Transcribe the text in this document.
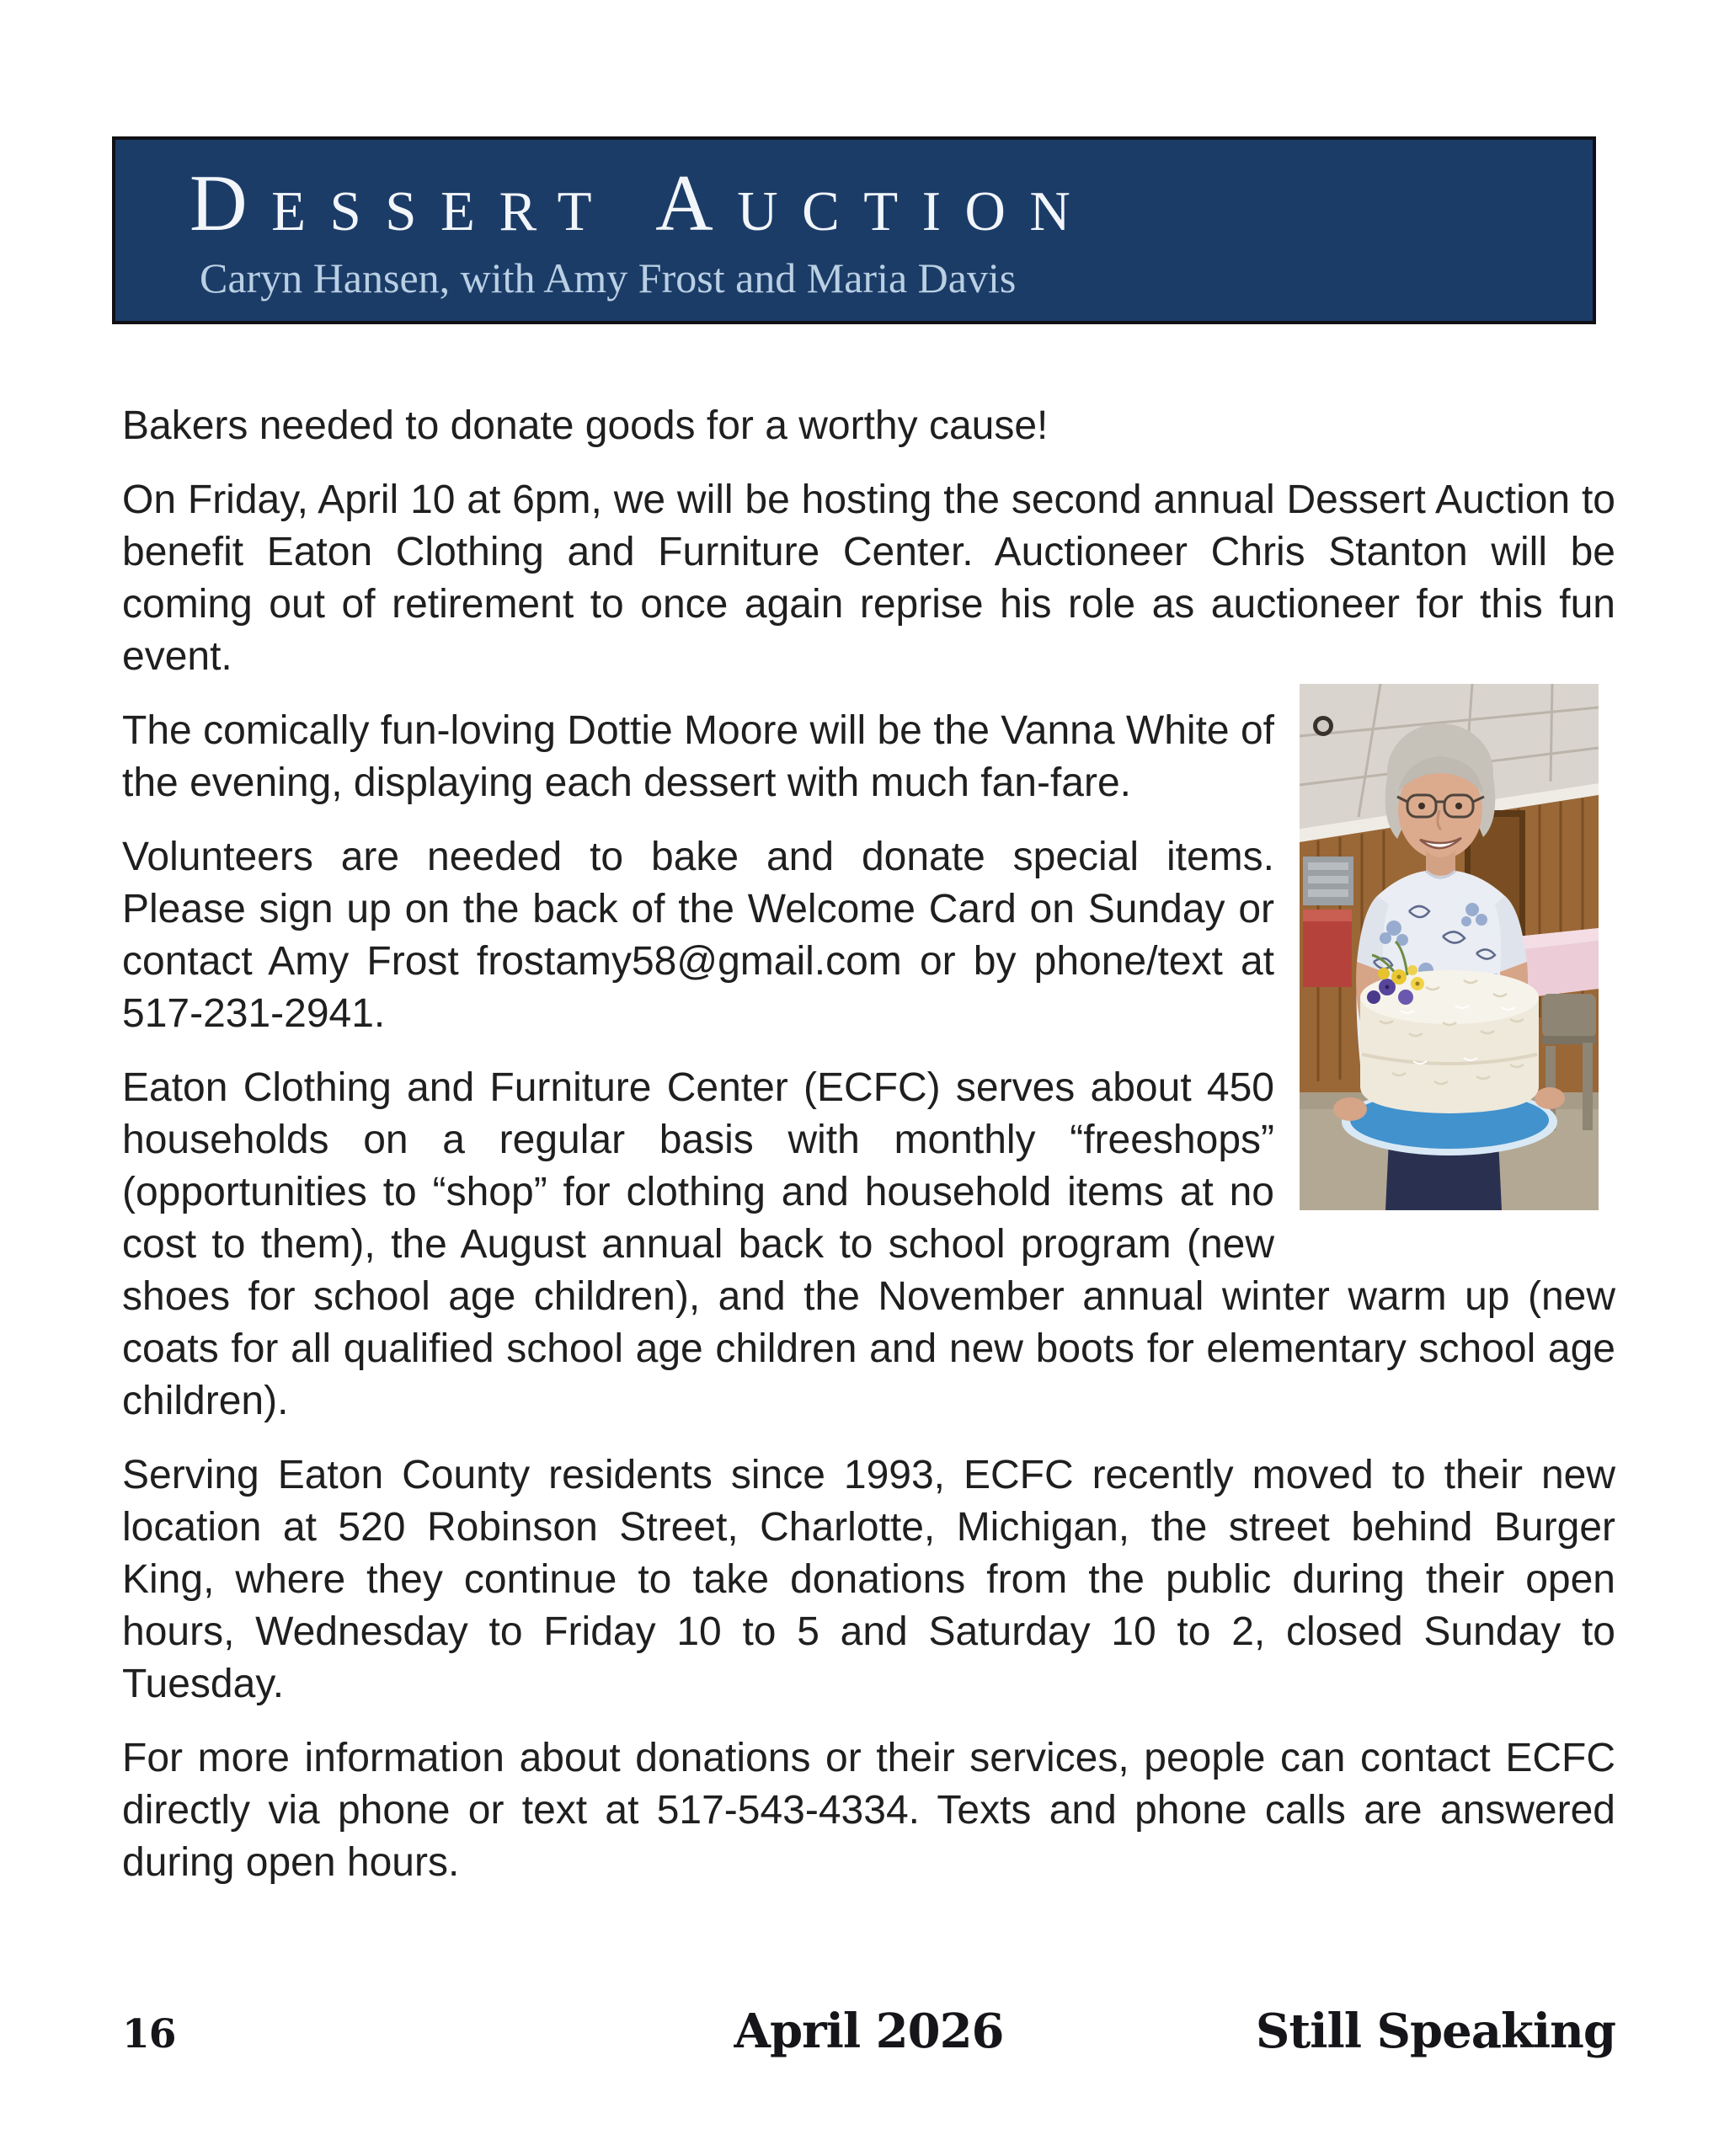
Dessert Auction
Caryn Hansen, with Amy Frost and Maria Davis

Bakers needed to donate goods for a worthy cause!

On Friday, April 10 at 6pm, we will be hosting the second annual Dessert Auction to benefit Eaton Clothing and Furniture Center. Auctioneer Chris Stanton will be coming out of retirement to once again reprise his role as auctioneer for this fun event.

The comically fun-loving Dottie Moore will be the Vanna White of the evening, displaying each dessert with much fan-fare.

Volunteers are needed to bake and donate special items. Please sign up on the back of the Welcome Card on Sunday or contact Amy Frost frostamy58@gmail.com or by phone/text at 517-231-2941.

Eaton Clothing and Furniture Center (ECFC) serves about 450 households on a regular basis with monthly “freeshops” (opportunities to “shop” for clothing and household items at no cost to them), the August annual back to school program (new shoes for school age children), and the November annual winter warm up (new coats for all qualified school age children and new boots for elementary school age children).

Serving Eaton County residents since 1993, ECFC recently moved to their new location at 520 Robinson Street, Charlotte, Michigan, the street behind Burger King, where they continue to take donations from the public during their open hours, Wednesday to Friday 10 to 5 and Saturday 10 to 2, closed Sunday to Tuesday.

For more information about donations or their services, people can contact ECFC directly via phone or text at 517-543-4334. Texts and phone calls are answered during open hours.

16	April 2026	Still Speaking
